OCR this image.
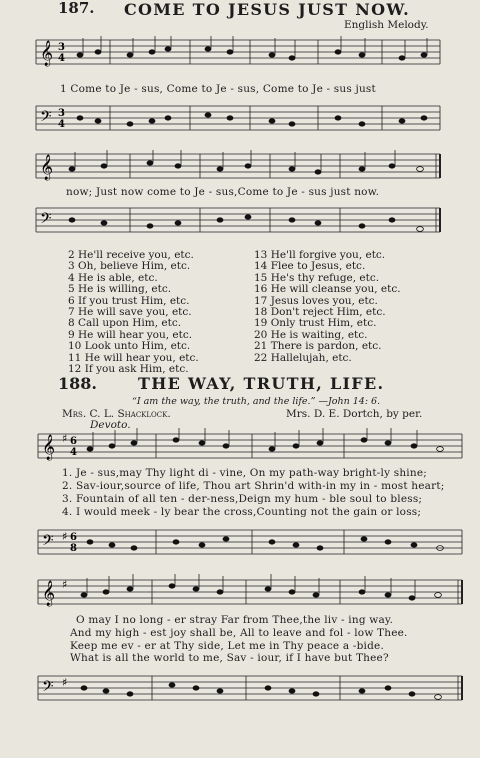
187. COME TO JESUS JUST NOW.
English Melody.
𝄞 3
4
1 Come to Je - sus, Come to Je - sus, Come to Je - sus just
𝄢 3
4
𝄞
now; Just now come to Je - sus,Come to Je - sus just now.
𝄢
2 He'll receive you, etc.
3 Oh, believe Him, etc.
4 He is able, etc.
5 He is willing, etc.
6 If you trust Him, etc.
7 He will save you, etc.
8 Call upon Him, etc.
9 He will hear you, etc.
10 Look unto Him, etc.
11 He will hear you, etc.
12 If you ask Him, etc.
13 He'll forgive you, etc.
14 Flee to Jesus, etc.
15 He's thy refuge, etc.
16 He will cleanse you, etc.
17 Jesus loves you, etc.
18 Don't reject Him, etc.
19 Only trust Him, etc.
20 He is waiting, etc.
21 There is pardon, etc.
22 Hallelujah, etc.
188.	THE WAY, TRUTH, LIFE.
“I am the way, the truth, and the life.” —John 14: 6.
Mrs. C. L. Shacklock.	Mrs. D. E. Dortch, by per.
Devoto.
𝄞 ♯ 6
4
1. Je - sus,may Thy light di - vine, On my path-way bright-ly shine;
2. Sav-iour,source of life, Thou art Shrin'd with-in my in - most heart;
3. Fountain of all ten - der-ness,Deign my hum - ble soul to bless;
4. I would meek - ly bear the cross,Counting not the gain or loss;
𝄢 ♯ 6
8
𝄞 ♯
O may I no long - er stray Far from Thee,the liv - ing way.
And my high - est joy shall be, All to leave and fol - low Thee.
Keep me ev - er at Thy side, Let me in Thy peace a -bide.
What is all the world to me, Sav - iour, if I have but Thee?
𝄢 ♯
